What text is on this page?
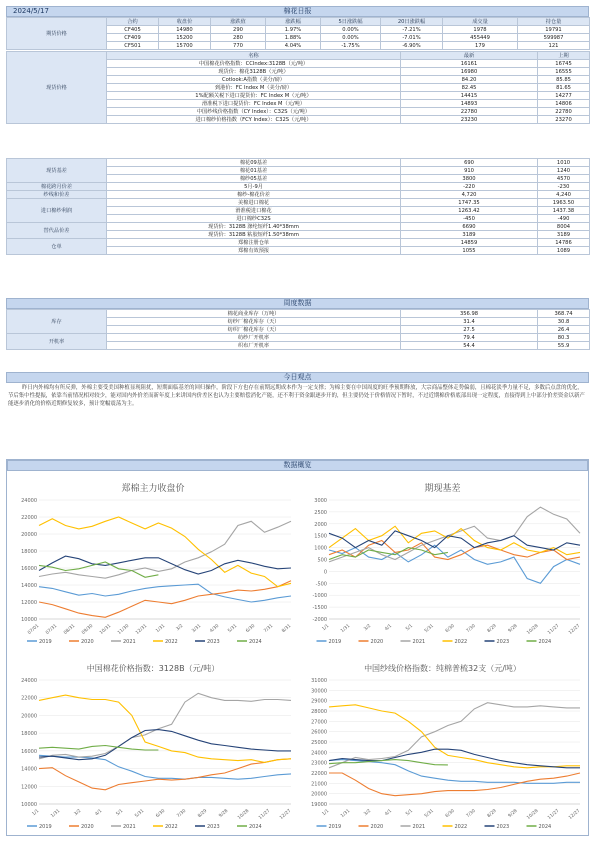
2024/5/17	棉花日报
期货价格	合约	收盘价	涨跌值	涨跌幅	5日涨跌幅	20日涨跌幅	成交量	持仓量	
	CF405	14980	290	1.97%	0.00%	-7.21%	1978	19791	
	CF409	15200	280	1.88%	0.00%	-7.01%	455449	599987	
	CF501	15700	770	4.04%	-1.75%	-6.90%	179	121	
现货价格	名称	最新	上期	
	中国棉花价格指数：CCIndex:3128B（元/吨）	16161	16745	
	现货价：棉花3128B（元/吨）	16980	16555	
	Cotlook:A指数（美分/磅）	84.20	85.85	
	到港价：FC Index M（美分/磅）	82.45	81.65	
	1%配额关税下进口提货价：FC Index M（元/吨）	14415	14277	
	滑准税下进口提货价：FC Index M（元/吨）	14893	14806	
	中国纱线价格指数（CY Index）：C32S（元/吨）	22780	22780	
	进口棉纱价格指数（FCY Index）：C32S（元/吨）	23230	23270	
现货基差	棉花09基差	690	1010	
	棉花01基差	910	1240	
	棉纱05基差	3800	4570	
棉花跨月价差	5月-9月	-220	-230	
纱线和价差	棉纱-棉花价差	4,720	4,240	
进口棉纱利润	美棉进口棉花	1747.35	1963.50	
	滑准税进口棉花	1263.42	1437.38	
	进口棉纱C32S	-450	-490	
替代品价差	现货价：3128B 涤纶短纤1.40*38mm	6690	8004	
	现货价：3128B 粘胶短纤1.50*38mm	3189	3189	
仓单	郑棉注册仓单	14859	14786	
	郑棉有效预报	1055	1089	
周度数据
库存	棉花商业库存（万吨）	356.98	368.74	
	纺纱厂棉花库存（天）	31.4	30.8	
	纺织厂棉花库存（天）	27.5	26.4	
开机率	纺纱厂开机率	79.4	80.3	
	织布厂开机率	54.4	55.9	
今日观点
昨日内外棉均有所反弹，外棉主要受美国种植显现阻扰，短期面临基差的回归操作，阶段下方也存在前期远期成本作为一定支撑；为棉主要在中国周度的旺季预期释放，大宗商品整体走势偏弱，且棉花淡季力量不足，多数后点盘的优化，节后集中性提振，依靠当前情况相对较少，能对国内外价差而新年度上来讲国内价差区也认为主要赔偿消化产能，还不利于资金跟逐步开的，但主要仍处于价格情况下暂时，不过近期棉价格底部出现一定程度，直接得到上中部分价差资金以新产能逐步消化的价格近期修复较多，预计宽幅震荡为主。
数据概览
郑棉主力收盘价
10000
12000
14000
16000
18000
20000
22000
24000
07/01 07/31 08/31 09/30 10/31 11/30 12/31 1/31 3/2 3/31 4/30 5/31 6/30 7/31 8/31
2019	2020	2021	2022	2023	2024
期现基差
-2000
-1500
-1000
-500
0
500
1000
1500
2000
2500
3000
1/1 1/31	3/2	4/1	5/1 5/31 6/30 7/30 8/29 9/28 10/28 11/27 12/27
2019	2020	2021	2022	2023	2024
中国棉花价格指数：3128B（元/吨）
10000
12000
14000
16000
18000
20000
22000
24000
1/1 1/31	3/2	4/1	5/1 5/31 6/30 7/30 8/29 9/28 10/28 11/27 12/27
2019	2020	2021	2022	2023	2024
中国纱线价格指数：纯棉普梳32支（元/吨）
19000
20000
21000
22000
23000
24000
25000
26000
27000
28000
29000
30000
31000
1/1 1/31	3/2	4/1	5/1 5/31 6/30 7/30 8/29 9/28 10/28 11/27 12/27
2019	2020	2021	2022	2023	2024
